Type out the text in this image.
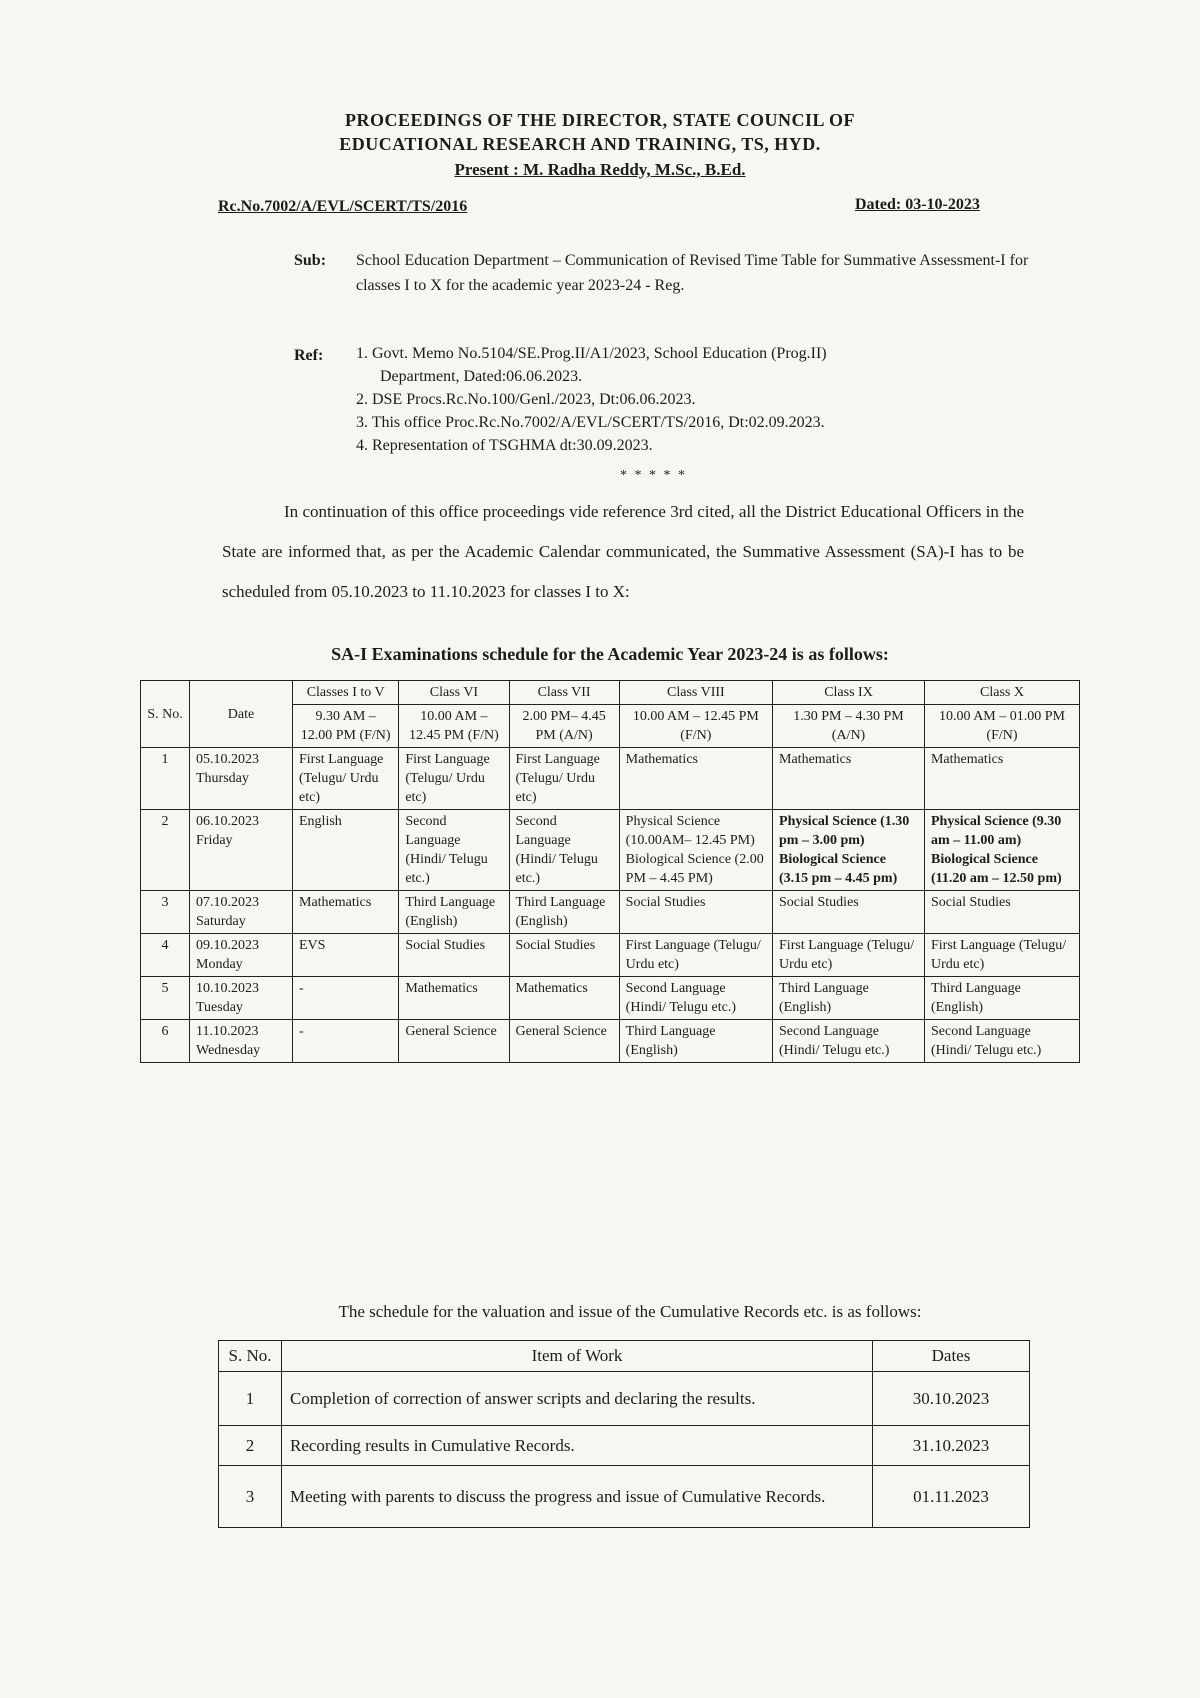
PROCEEDINGS OF THE DIRECTOR, STATE COUNCIL OF
EDUCATIONAL RESEARCH AND TRAINING, TS, HYD.
Present : M. Radha Reddy, M.Sc., B.Ed.
Rc.No.7002/A/EVL/SCERT/TS/2016	Dated: 03-10-2023
Sub: School Education Department – Communication of Revised Time Table for Summative Assessment-I for classes I to X for the academic year 2023-24 - Reg.
Ref: 1. Govt. Memo No.5104/SE.Prog.II/A1/2023, School Education (Prog.II)
Department, Dated:06.06.2023.
2. DSE Procs.Rc.No.100/Genl./2023, Dt:06.06.2023.
3. This office Proc.Rc.No.7002/A/EVL/SCERT/TS/2016, Dt:02.09.2023.
4. Representation of TSGHMA dt:30.09.2023.
* * * * *
In continuation of this office proceedings vide reference 3rd cited, all the District Educational Officers in the State are informed that, as per the Academic Calendar communicated, the Summative Assessment (SA)-I has to be scheduled from 05.10.2023 to 11.10.2023 for classes I to X:
SA-I Examinations schedule for the Academic Year 2023-24 is as follows:
S. No.	Date	Classes I to V	Class VI	Class VII	Class VIII	Class IX	Class X
		9.30 AM – 12.00 PM (F/N)	10.00 AM – 12.45 PM (F/N)	2.00 PM– 4.45 PM (A/N)	10.00 AM – 12.45 PM (F/N)	1.30 PM – 4.30 PM (A/N)	10.00 AM – 01.00 PM (F/N)
1	05.10.2023 Thursday	First Language (Telugu/ Urdu etc)	First Language (Telugu/ Urdu etc)	First Language (Telugu/ Urdu etc)	Mathematics	Mathematics	Mathematics
2	06.10.2023 Friday	English	Second Language (Hindi/ Telugu etc.)	Second Language (Hindi/ Telugu etc.)	Physical Science (10.00AM– 12.45 PM) Biological Science (2.00 PM – 4.45 PM)	Physical Science (1.30 pm – 3.00 pm) Biological Science (3.15 pm – 4.45 pm)	Physical Science (9.30 am – 11.00 am) Biological Science (11.20 am – 12.50 pm)
3	07.10.2023 Saturday	Mathematics	Third Language (English)	Third Language (English)	Social Studies	Social Studies	Social Studies
4	09.10.2023 Monday	EVS	Social Studies	Social Studies	First Language (Telugu/ Urdu etc)	First Language (Telugu/ Urdu etc)	First Language (Telugu/ Urdu etc)
5	10.10.2023 Tuesday	-	Mathematics	Mathematics	Second Language (Hindi/ Telugu etc.)	Third Language (English)	Third Language (English)
6	11.10.2023 Wednesday	-	General Science	General Science	Third Language (English)	Second Language (Hindi/ Telugu etc.)	Second Language (Hindi/ Telugu etc.)
The schedule for the valuation and issue of the Cumulative Records etc. is as follows:
S. No.	Item of Work	Dates
1	Completion of correction of answer scripts and declaring the results.	30.10.2023
2	Recording results in Cumulative Records.	31.10.2023
3	Meeting with parents to discuss the progress and issue of Cumulative Records.	01.11.2023
